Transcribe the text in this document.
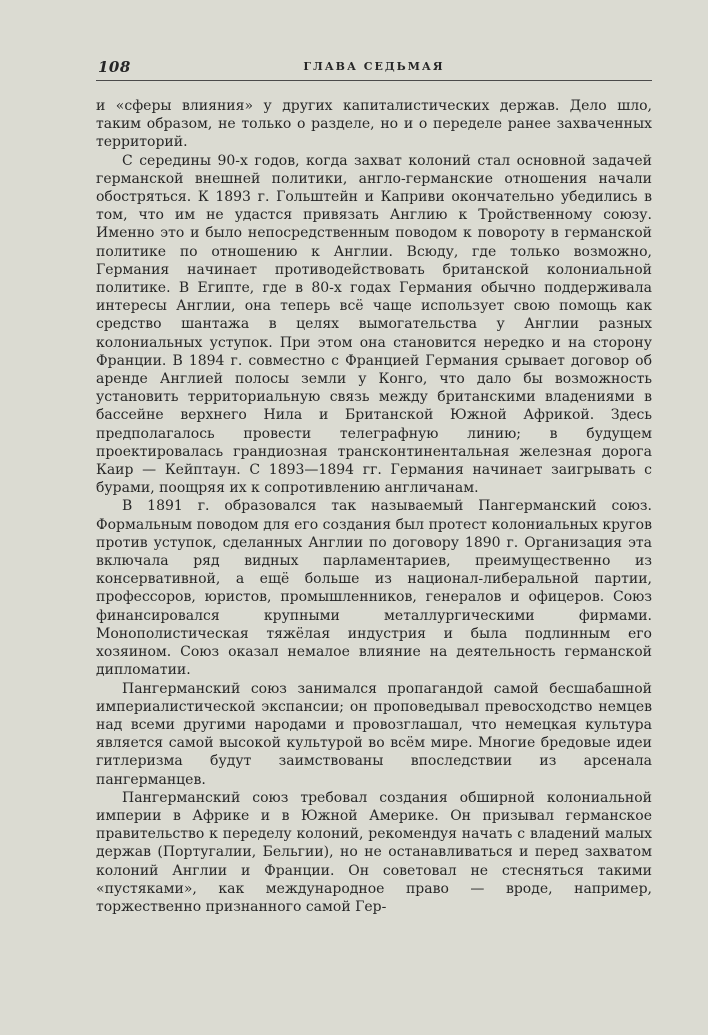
108	ГЛАВА СЕДЬМАЯ

и «сферы влияния» у других капиталистических держав. Дело шло, таким образом, не только о разделе, но и о переделе ранее захваченных территорий.

С середины 90-х годов, когда захват колоний стал основной задачей германской внешней политики, англо-германские отношения начали обостряться. К 1893 г. Гольштейн и Каприви окончательно убедились в том, что им не удастся привязать Англию к Тройственному союзу. Именно это и было непосредственным поводом к повороту в германской политике по отношению к Англии. Всюду, где только возможно, Германия начинает противодействовать британской колониальной политике. В Египте, где в 80-х годах Германия обычно поддерживала интересы Англии, она теперь всё чаще использует свою помощь как средство шантажа в целях вымогательства у Англии разных колониальных уступок. При этом она становится нередко и на сторону Франции. В 1894 г. совместно с Францией Германия срывает договор об аренде Англией полосы земли у Конго, что дало бы возможность установить территориальную связь между британскими владениями в бассейне верхнего Нила и Британской Южной Африкой. Здесь предполагалось провести телеграфную линию; в будущем проектировалась грандиозная трансконтинентальная железная дорога Каир — Кейптаун. С 1893—1894 гг. Германия начинает заигрывать с бурами, поощряя их к сопротивлению англичанам.

В 1891 г. образовался так называемый Пангерманский союз. Формальным поводом для его создания был протест колониальных кругов против уступок, сделанных Англии по договору 1890 г. Организация эта включала ряд видных парламентариев, преимущественно из консервативной, а ещё больше из национал-либеральной партии, профессоров, юристов, промышленников, генералов и офицеров. Союз финансировался крупными металлургическими фирмами. Монополистическая тяжёлая индустрия и была подлинным его хозяином. Союз оказал немалое влияние на деятельность германской дипломатии.

Пангерманский союз занимался пропагандой самой бесшабашной империалистической экспансии; он проповедывал превосходство немцев над всеми другими народами и провозглашал, что немецкая культура является самой высокой культурой во всём мире. Многие бредовые идеи гитлеризма будут заимствованы впоследствии из арсенала пангерманцев.

Пангерманский союз требовал создания обширной колониальной империи в Африке и в Южной Америке. Он призывал германское правительство к переделу колоний, рекомендуя начать с владений малых держав (Португалии, Бельгии), но не останавливаться и перед захватом колоний Англии и Франции. Он советовал не стесняться такими «пустяками», как международное право — вроде, например, торжественно признанного самой Гер-
